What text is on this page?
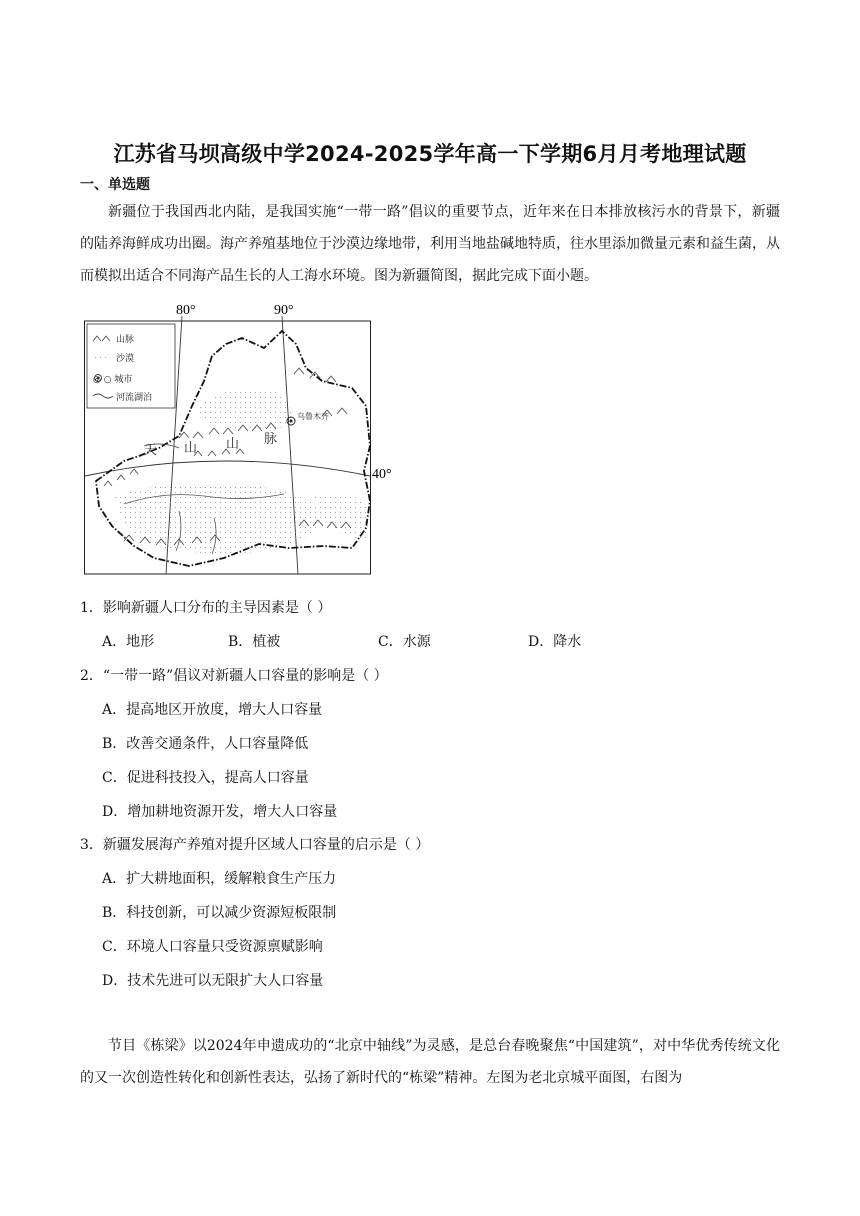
江苏省马坝高级中学2024-2025学年高一下学期6月月考地理试题
一、单选题
新疆位于我国西北内陆，是我国实施“一带一路”倡议的重要节点，近年来在日本排放核污水的背景下，新疆的陆养海鲜成功出圈。海产养殖基地位于沙漠边缘地带，利用当地盐碱地特质，往水里添加微量元素和益生菌，从而模拟出适合不同海产品生长的人工海水环境。图为新疆简图，据此完成下面小题。
山脉
沙漠
◎ ○ 城市
河流湖泊
乌鲁木齐
天 山 山 脉
80°	90°
40°
1．影响新疆人口分布的主导因素是（ ）
A．地形	B．植被	C．水源	D．降水
2．“一带一路”倡议对新疆人口容量的影响是（ ）
A．提高地区开放度，增大人口容量
B．改善交通条件，人口容量降低
C．促进科技投入，提高人口容量
D．增加耕地资源开发，增大人口容量
3．新疆发展海产养殖对提升区域人口容量的启示是（ ）
A．扩大耕地面积，缓解粮食生产压力
B．科技创新，可以减少资源短板限制
C．环境人口容量只受资源禀赋影响
D．技术先进可以无限扩大人口容量
节目《栋梁》以2024年申遗成功的“北京中轴线”为灵感，是总台春晚聚焦“中国建筑”，对中华优秀传统文化的又一次创造性转化和创新性表达，弘扬了新时代的“栋梁”精神。左图为老北京城平面图，右图为
